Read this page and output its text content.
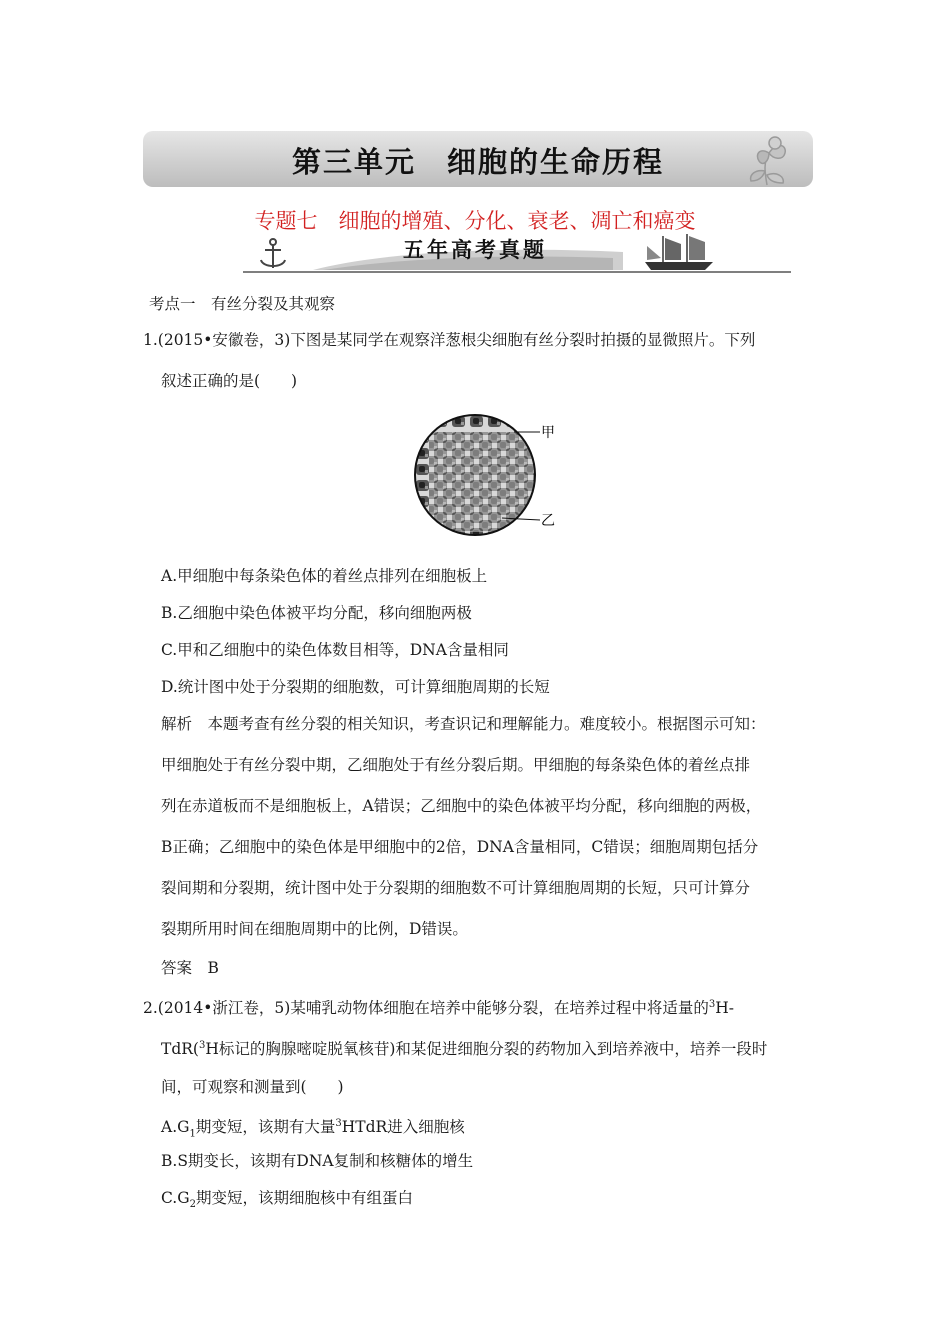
第三单元　细胞的生命历程
专题七　细胞的增殖、分化、衰老、凋亡和癌变
五年高考真题
考点一　有丝分裂及其观察
1.(2015•安徽卷，3)下图是某同学在观察洋葱根尖细胞有丝分裂时拍摄的显微照片。下列
叙述正确的是(　　)
甲
乙
A.甲细胞中每条染色体的着丝点排列在细胞板上
B.乙细胞中染色体被平均分配，移向细胞两极
C.甲和乙细胞中的染色体数目相等，DNA含量相同
D.统计图中处于分裂期的细胞数，可计算细胞周期的长短
解析　本题考查有丝分裂的相关知识，考查识记和理解能力。难度较小。根据图示可知：
甲细胞处于有丝分裂中期，乙细胞处于有丝分裂后期。甲细胞的每条染色体的着丝点排
列在赤道板而不是细胞板上，A错误；乙细胞中的染色体被平均分配，移向细胞的两极，
B正确；乙细胞中的染色体是甲细胞中的2倍，DNA含量相同，C错误；细胞周期包括分
裂间期和分裂期，统计图中处于分裂期的细胞数不可计算细胞周期的长短，只可计算分
裂期所用时间在细胞周期中的比例，D错误。
答案　B
2.(2014•浙江卷，5)某哺乳动物体细胞在培养中能够分裂，在培养过程中将适量的$^3$H-
TdR($^3$H标记的胸腺嘧啶脱氧核苷)和某促进细胞分裂的药物加入到培养液中，培养一段时
间，可观察和测量到(　　)
$A.G_1$期变短，该期有大量$^3$HTdR进入细胞核
B.S期变长，该期有DNA复制和核糖体的增生
$C.G_2$期变短，该期细胞核中有组蛋白
